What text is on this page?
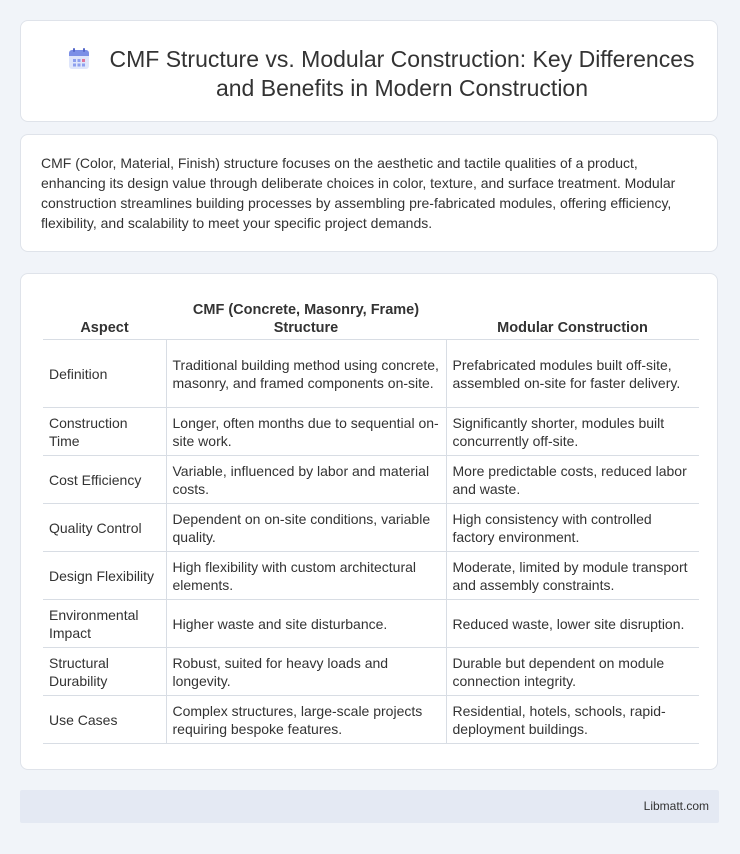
CMF Structure vs. Modular Construction: Key Differences and Benefits in Modern Construction

CMF (Color, Material, Finish) structure focuses on the aesthetic and tactile qualities of a product, enhancing its design value through deliberate choices in color, texture, and surface treatment. Modular construction streamlines building processes by assembling pre-fabricated modules, offering efficiency, flexibility, and scalability to meet your specific project demands.

Aspect	CMF (Concrete, Masonry, Frame) Structure	Modular Construction
Definition	Traditional building method using concrete, masonry, and framed components on-site.	Prefabricated modules built off-site, assembled on-site for faster delivery.
Construction Time	Longer, often months due to sequential on-site work.	Significantly shorter, modules built concurrently off-site.
Cost Efficiency	Variable, influenced by labor and material costs.	More predictable costs, reduced labor and waste.
Quality Control	Dependent on on-site conditions, variable quality.	High consistency with controlled factory environment.
Design Flexibility	High flexibility with custom architectural elements.	Moderate, limited by module transport and assembly constraints.
Environmental Impact	Higher waste and site disturbance.	Reduced waste, lower site disruption.
Structural Durability	Robust, suited for heavy loads and longevity.	Durable but dependent on module connection integrity.
Use Cases	Complex structures, large-scale projects requiring bespoke features.	Residential, hotels, schools, rapid-deployment buildings.
Libmatt.com
